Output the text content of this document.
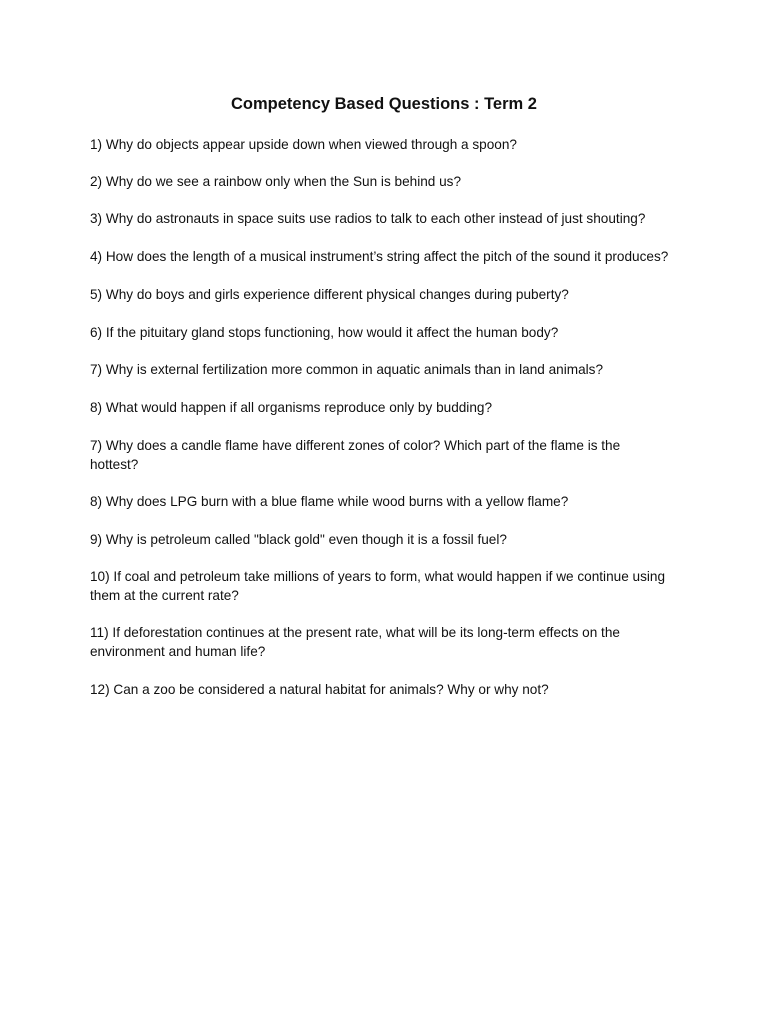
Competency Based Questions : Term 2

1) Why do objects appear upside down when viewed through a spoon?

2) Why do we see a rainbow only when the Sun is behind us?

3) Why do astronauts in space suits use radios to talk to each other instead of just shouting?

4) How does the length of a musical instrument’s string affect the pitch of the sound it produces?

5) Why do boys and girls experience different physical changes during puberty?

6) If the pituitary gland stops functioning, how would it affect the human body?

7) Why is external fertilization more common in aquatic animals than in land animals?

8) What would happen if all organisms reproduce only by budding?

7) Why does a candle flame have different zones of color? Which part of the flame is the hottest?

8) Why does LPG burn with a blue flame while wood burns with a yellow flame?

9) Why is petroleum called "black gold" even though it is a fossil fuel?

10) If coal and petroleum take millions of years to form, what would happen if we continue using them at the current rate?

11) If deforestation continues at the present rate, what will be its long-term effects on the environment and human life?

12) Can a zoo be considered a natural habitat for animals? Why or why not?
